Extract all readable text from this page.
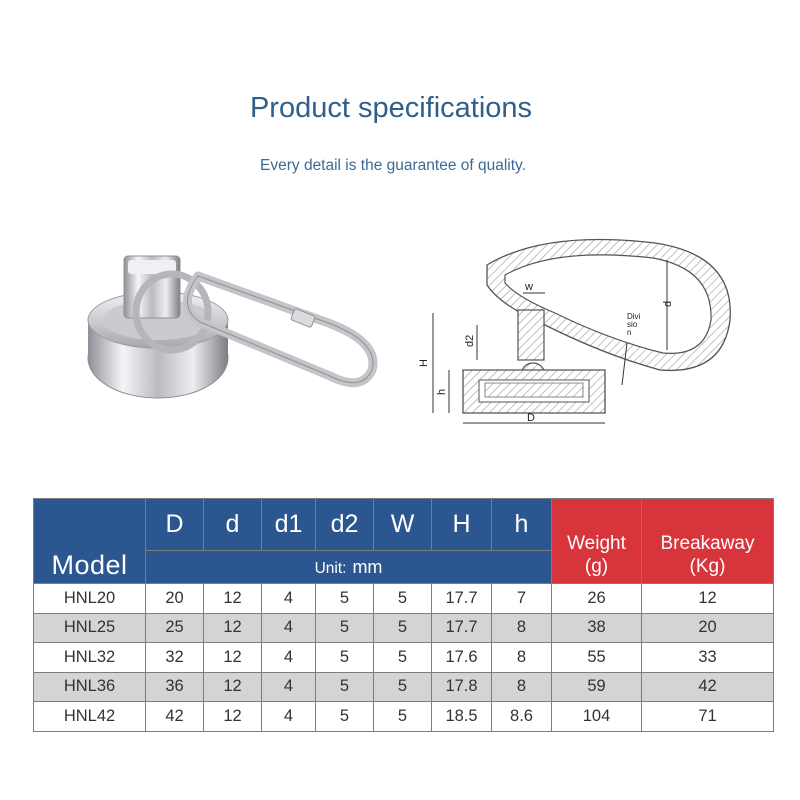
Product specifications

Every detail is the guarantee of quality.

w
d
d2
H
h
D
Divi
sio
n
Model	D	d	d1	d2	W	H	h	Weight
(g)	Breakaway
(Kg)
	Unit: mm								
HNL20	20	12	4	5	5	17.7	7	26	12
HNL25	25	12	4	5	5	17.7	8	38	20
HNL32	32	12	4	5	5	17.6	8	55	33
HNL36	36	12	4	5	5	17.8	8	59	42
HNL42	42	12	4	5	5	18.5	8.6	104	71
